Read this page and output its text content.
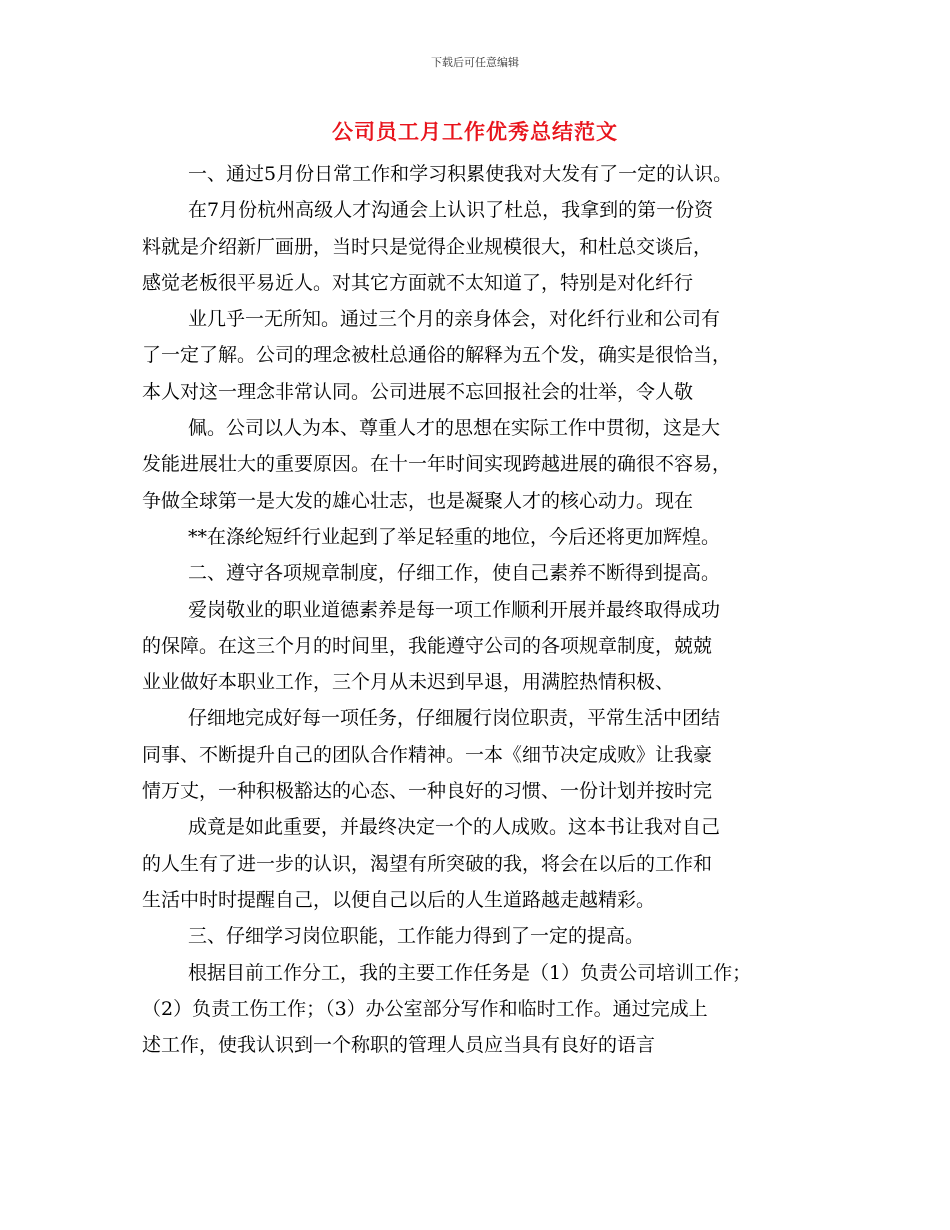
下载后可任意编辑
公司员工月工作优秀总结范文
一、通过5月份日常工作和学习积累使我对大发有了一定的认识。
在7月份杭州高级人才沟通会上认识了杜总，我拿到的第一份资
料就是介绍新厂画册，当时只是觉得企业规模很大，和杜总交谈后，
感觉老板很平易近人。对其它方面就不太知道了，特别是对化纤行
业几乎一无所知。通过三个月的亲身体会，对化纤行业和公司有
了一定了解。公司的理念被杜总通俗的解释为五个发，确实是很恰当，
本人对这一理念非常认同。公司进展不忘回报社会的壮举，令人敬
佩。公司以人为本、尊重人才的思想在实际工作中贯彻，这是大
发能进展壮大的重要原因。在十一年时间实现跨越进展的确很不容易，
争做全球第一是大发的雄心壮志，也是凝聚人才的核心动力。现在
**在涤纶短纤行业起到了举足轻重的地位，今后还将更加辉煌。
二、遵守各项规章制度，仔细工作，使自己素养不断得到提高。
爱岗敬业的职业道德素养是每一项工作顺利开展并最终取得成功
的保障。在这三个月的时间里，我能遵守公司的各项规章制度，兢兢
业业做好本职业工作，三个月从未迟到早退，用满腔热情积极、
仔细地完成好每一项任务，仔细履行岗位职责，平常生活中团结
同事、不断提升自己的团队合作精神。一本《细节决定成败》让我豪
情万丈，一种积极豁达的心态、一种良好的习惯、一份计划并按时完
成竟是如此重要，并最终决定一个的人成败。这本书让我对自己
的人生有了进一步的认识，渴望有所突破的我，将会在以后的工作和
生活中时时提醒自己，以便自己以后的人生道路越走越精彩。
三、仔细学习岗位职能，工作能力得到了一定的提高。
根据目前工作分工，我的主要工作任务是（1）负责公司培训工作；
（2）负责工伤工作；（3）办公室部分写作和临时工作。通过完成上
述工作，使我认识到一个称职的管理人员应当具有良好的语言
